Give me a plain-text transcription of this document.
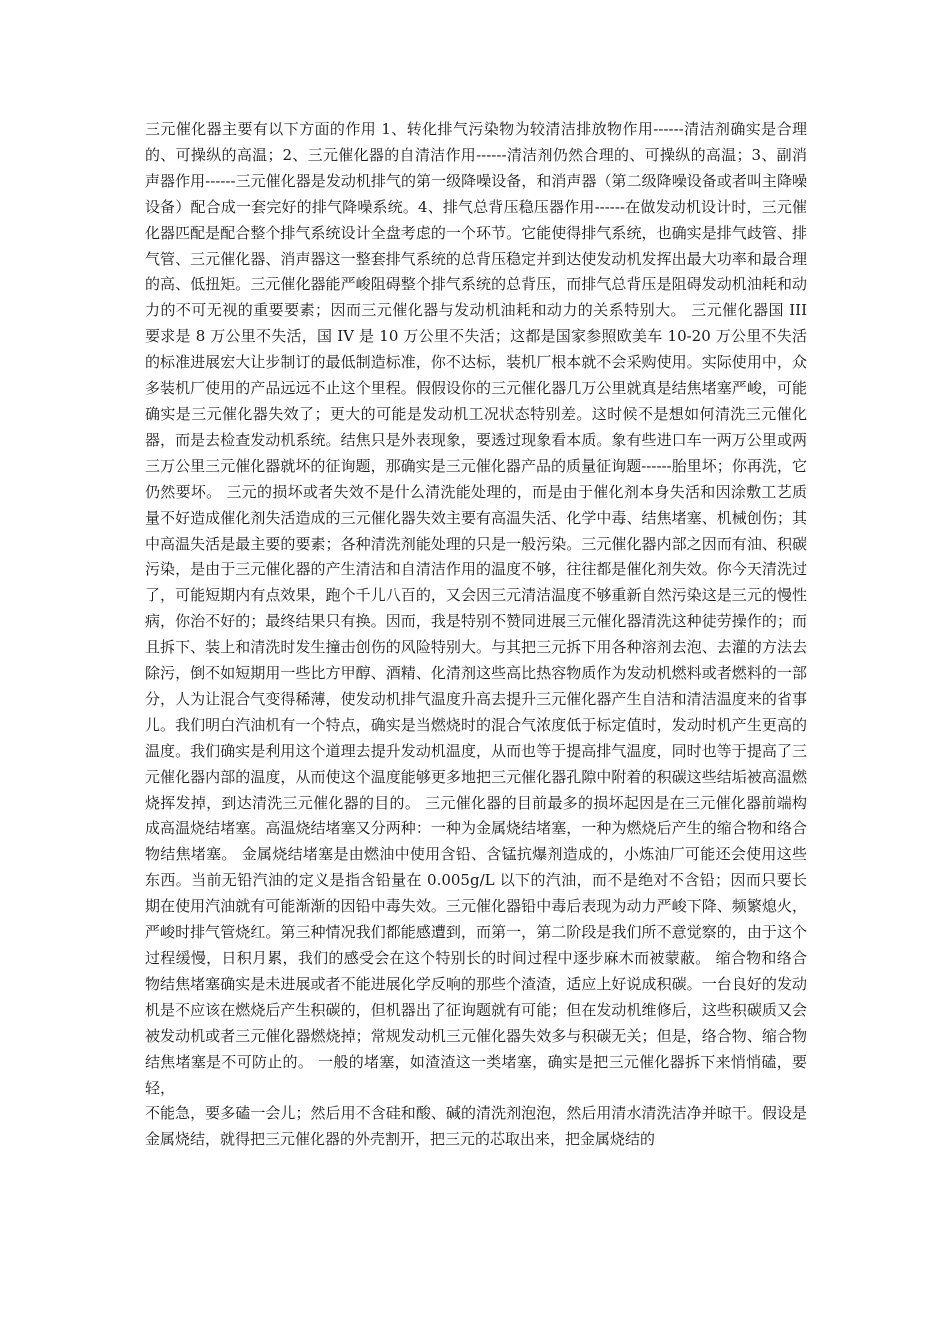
三元催化器主要有以下方面的作用 1、转化排气污染物为较清洁排放物作用------清洁剂确实是合理的、可操纵的高温；2、三元催化器的自清洁作用------清洁剂仍然合理的、可操纵的高温；3、副消声器作用------三元催化器是发动机排气的第一级降噪设备，和消声器（第二级降噪设备或者叫主降噪设备）配合成一套完好的排气降噪系统。4、排气总背压稳压器作用------在做发动机设计时，三元催化器匹配是配合整个排气系统设计全盘考虑的一个环节。它能使得排气系统，也确实是排气歧管、排气管、三元催化器、消声器这一整套排气系统的总背压稳定并到达使发动机发挥出最大功率和最合理的高、低扭矩。三元催化器能严峻阻碍整个排气系统的总背压，而排气总背压是阻碍发动机油耗和动力的不可无视的重要要素；因而三元催化器与发动机油耗和动力的关系特别大。 三元催化器国 III 要求是 8 万公里不失活，国 IV 是 10 万公里不失活；这都是国家参照欧美车 10-20 万公里不失活的标准进展宏大让步制订的最低制造标准，你不达标，装机厂根本就不会采购使用。实际使用中，众多装机厂使用的产品远远不止这个里程。假假设你的三元催化器几万公里就真是结焦堵塞严峻，可能确实是三元催化器失效了；更大的可能是发动机工况状态特别差。这时候不是想如何清洗三元催化器，而是去检查发动机系统。结焦只是外表现象，要透过现象看本质。象有些进口车一两万公里或两三万公里三元催化器就坏的征询题，那确实是三元催化器产品的质量征询题------胎里坏；你再洗，它仍然要坏。 三元的损坏或者失效不是什么清洗能处理的，而是由于催化剂本身失活和因涂敷工艺质量不好造成催化剂失活造成的三元催化器失效主要有高温失活、化学中毒、结焦堵塞、机械创伤；其中高温失活是最主要的要素；各种清洗剂能处理的只是一般污染。三元催化器内部之因而有油、积碳污染，是由于三元催化器的产生清洁和自清洁作用的温度不够，往往都是催化剂失效。你今天清洗过了，可能短期内有点效果，跑个千儿八百的，又会因三元清洁温度不够重新自然污染这是三元的慢性病，你治不好的；最终结果只有换。因而，我是特别不赞同进展三元催化器清洗这种徒劳操作的；而且拆下、装上和清洗时发生撞击创伤的风险特别大。与其把三元拆下用各种溶剂去泡、去灌的方法去除污，倒不如短期用一些比方甲醇、酒精、化清剂这些高比热容物质作为发动机燃料或者燃料的一部分，人为让混合气变得稀薄，使发动机排气温度升高去提升三元催化器产生自洁和清洁温度来的省事儿。我们明白汽油机有一个特点，确实是当燃烧时的混合气浓度低于标定值时，发动时机产生更高的温度。我们确实是利用这个道理去提升发动机温度，从而也等于提高排气温度，同时也等于提高了三元催化器内部的温度，从而使这个温度能够更多地把三元催化器孔隙中附着的积碳这些结垢被高温燃烧挥发掉，到达清洗三元催化器的目的。 三元催化器的目前最多的损坏起因是在三元催化器前端构成高温烧结堵塞。高温烧结堵塞又分两种：一种为金属烧结堵塞，一种为燃烧后产生的缩合物和络合物结焦堵塞。 金属烧结堵塞是由燃油中使用含铅、含锰抗爆剂造成的，小炼油厂可能还会使用这些东西。当前无铅汽油的定义是指含铅量在 0.005g/L 以下的汽油，而不是绝对不含铅；因而只要长期在使用汽油就有可能渐渐的因铅中毒失效。三元催化器铅中毒后表现为动力严峻下降、频繁熄火，严峻时排气管烧红。第三种情况我们都能感遭到，而第一，第二阶段是我们所不意觉察的，由于这个过程缓慢，日积月累，我们的感受会在这个特别长的时间过程中逐步麻木而被蒙蔽。 缩合物和络合物结焦堵塞确实是未进展或者不能进展化学反响的那些个渣渣，适应上好说成积碳。一台良好的发动机是不应该在燃烧后产生积碳的，但机器出了征询题就有可能；但在发动机维修后，这些积碳质又会被发动机或者三元催化器燃烧掉；常规发动机三元催化器失效多与积碳无关；但是，络合物、缩合物结焦堵塞是不可防止的。 一般的堵塞，如渣渣这一类堵塞，确实是把三元催化器拆下来悄悄磕，要轻，

不能急，要多磕一会儿；然后用不含硅和酸、碱的清洗剂泡泡，然后用清水清洗洁净并晾干。假设是金属烧结，就得把三元催化器的外壳割开，把三元的芯取出来，把金属烧结的
